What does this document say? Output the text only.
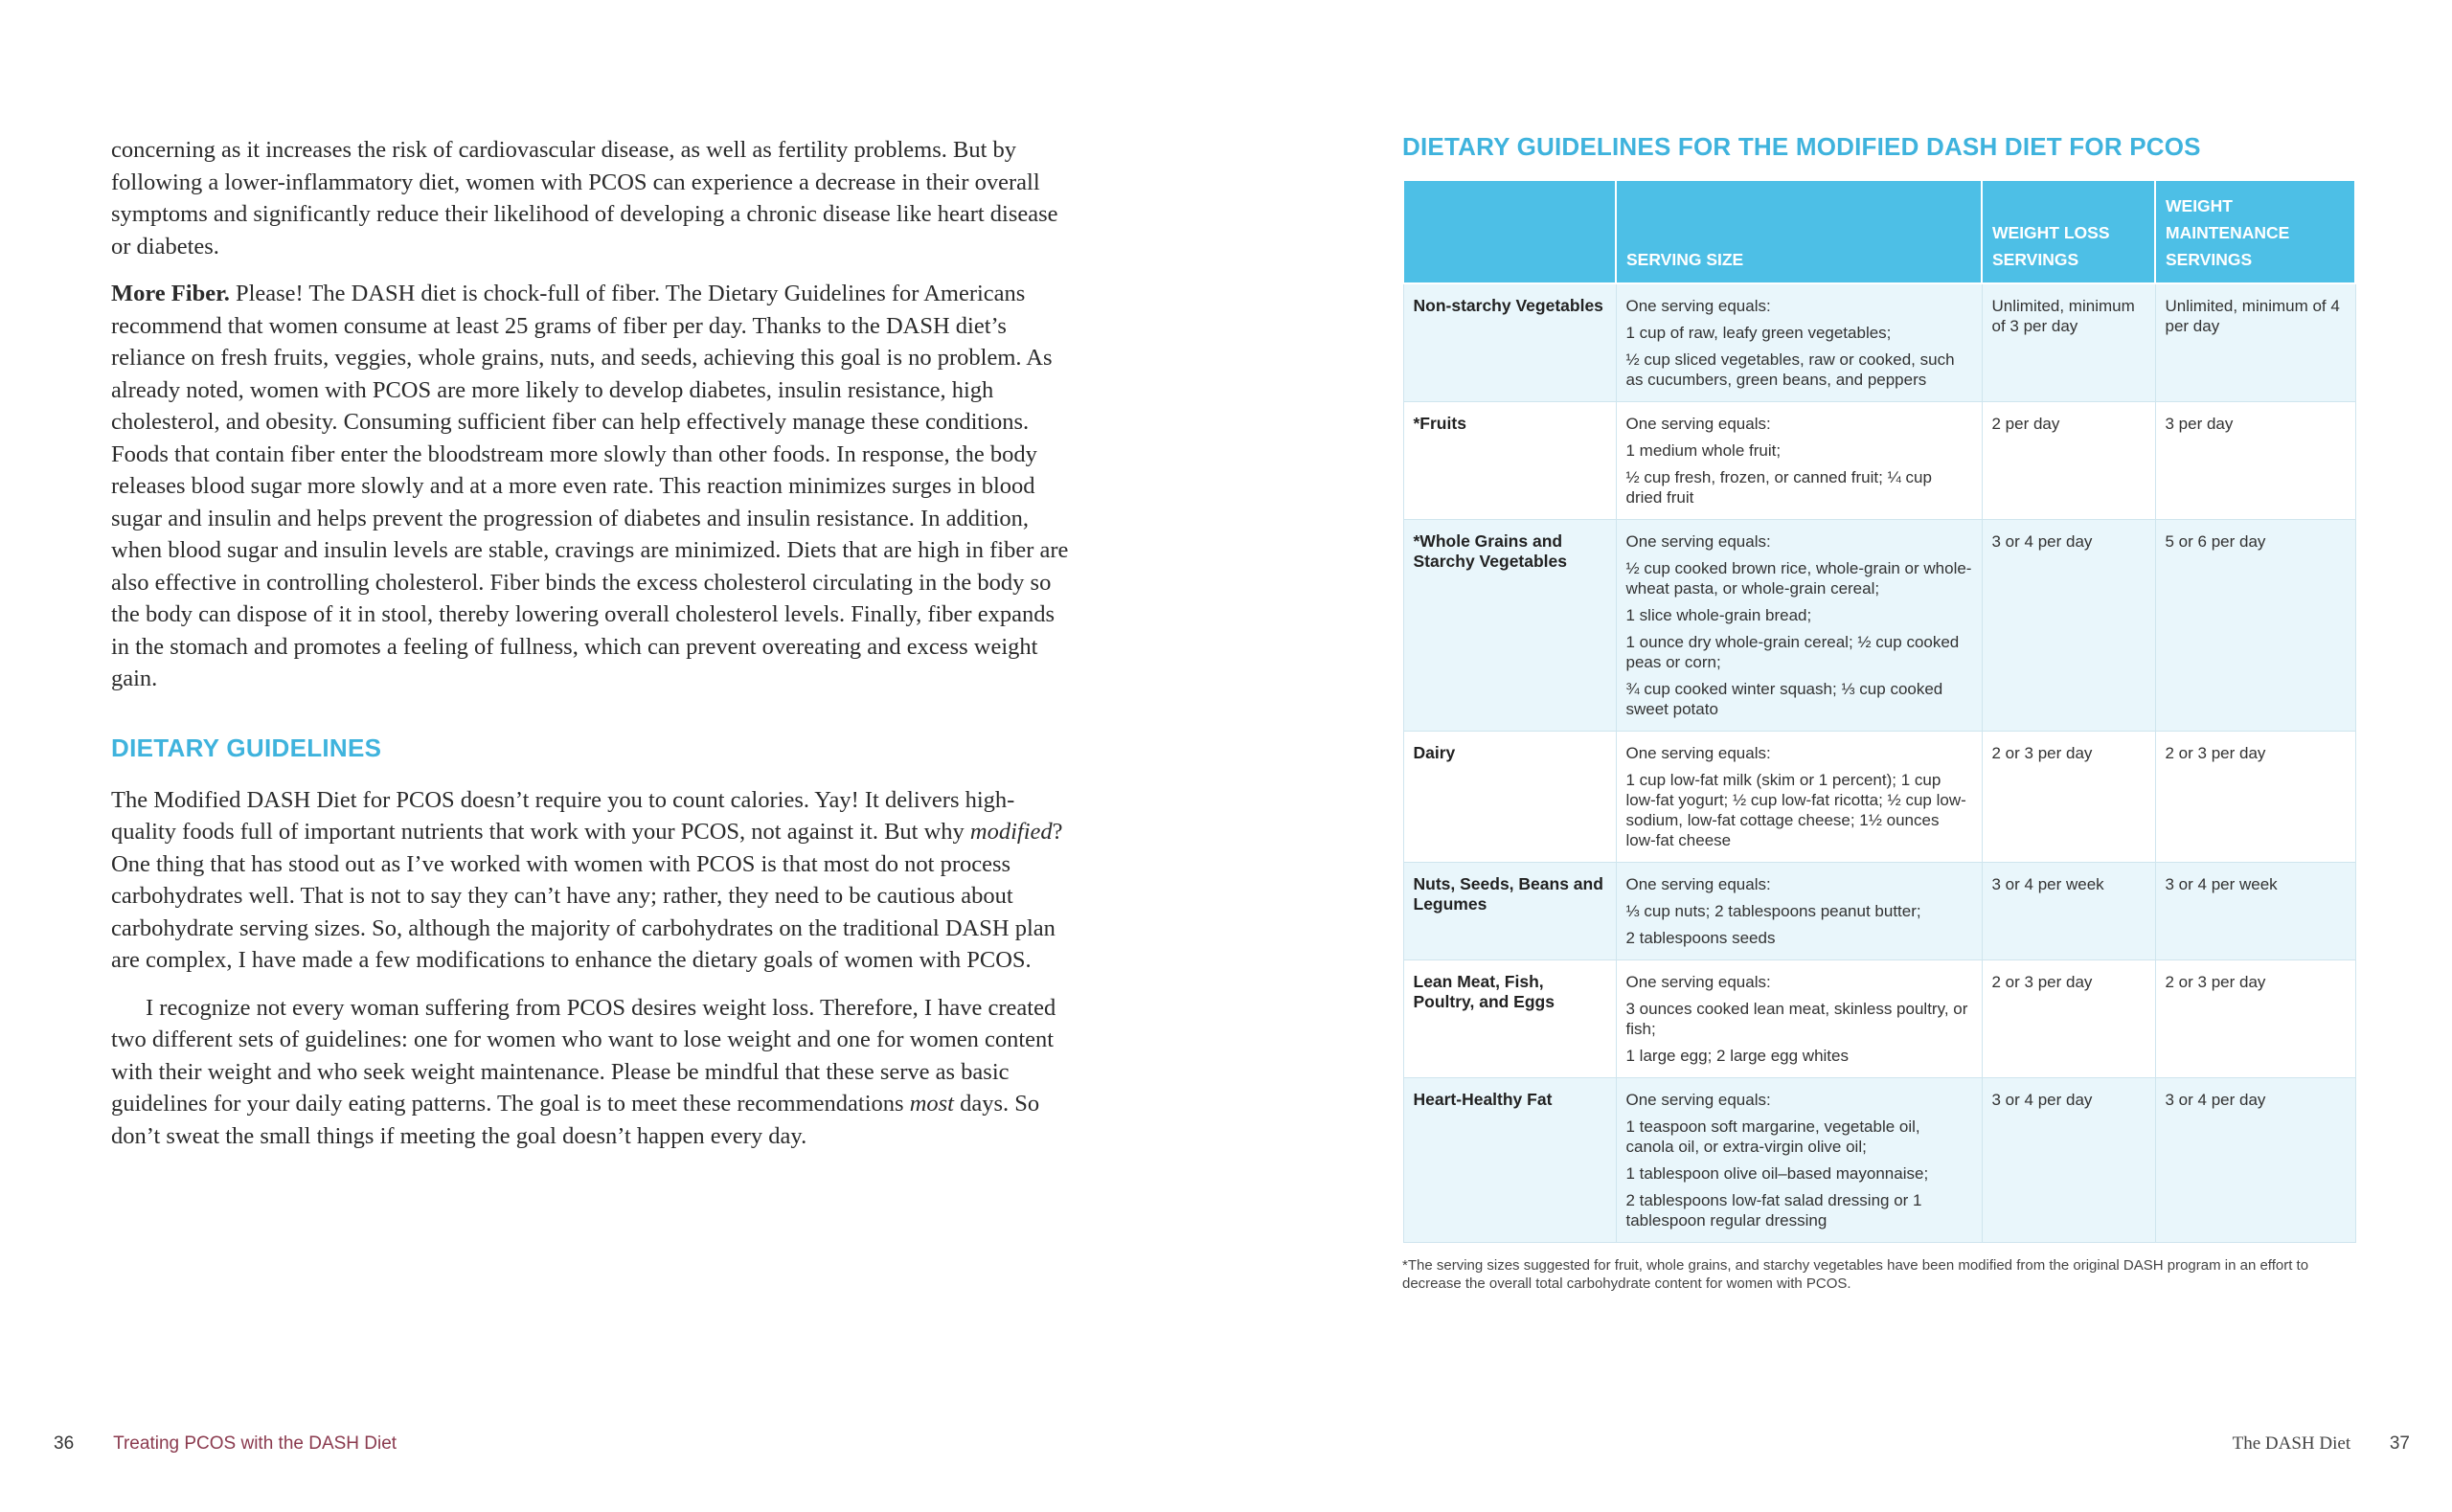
concerning as it increases the risk of cardiovascular disease, as well as fertility problems. But by following a lower-inflammatory diet, women with PCOS can experience a decrease in their overall symptoms and significantly reduce their likelihood of developing a chronic disease like heart disease or diabetes.

More Fiber. Please! The DASH diet is chock-full of fiber. The Dietary Guidelines for Americans recommend that women consume at least 25 grams of fiber per day. Thanks to the DASH diet’s reliance on fresh fruits, veggies, whole grains, nuts, and seeds, achieving this goal is no problem. As already noted, women with PCOS are more likely to develop diabetes, insulin resistance, high cholesterol, and obesity. Consuming sufficient fiber can help effectively manage these conditions. Foods that contain fiber enter the bloodstream more slowly than other foods. In response, the body releases blood sugar more slowly and at a more even rate. This reaction minimizes surges in blood sugar and insulin and helps prevent the progression of diabetes and insulin resistance. In addition, when blood sugar and insulin levels are stable, cravings are minimized. Diets that are high in fiber are also effective in controlling cholesterol. Fiber binds the excess cholesterol circulating in the body so the body can dispose of it in stool, thereby lowering overall cholesterol levels. Finally, fiber expands in the stomach and promotes a feeling of fullness, which can prevent overeating and excess weight gain.

DIETARY GUIDELINES

The Modified DASH Diet for PCOS doesn’t require you to count calories. Yay! It delivers high-quality foods full of important nutrients that work with your PCOS, not against it. But why modified? One thing that has stood out as I’ve worked with women with PCOS is that most do not process carbohydrates well. That is not to say they can’t have any; rather, they need to be cautious about carbohydrate serving sizes. So, although the majority of carbohydrates on the traditional DASH plan are complex, I have made a few modifications to enhance the dietary goals of women with PCOS.

I recognize not every woman suffering from PCOS desires weight loss. Therefore, I have created two different sets of guidelines: one for women who want to lose weight and one for women content with their weight and who seek weight maintenance. Please be mindful that these serve as basic guidelines for your daily eating patterns. The goal is to meet these recommendations most days. So don’t sweat the small things if meeting the goal doesn’t happen every day.

DIETARY GUIDELINES FOR THE MODIFIED DASH DIET FOR PCOS
	SERVING SIZE	WEIGHT LOSS SERVINGS	WEIGHT MAINTENANCE SERVINGS
Non-starchy Vegetables	One serving equals:
1 cup of raw, leafy green vegetables;
½ cup sliced vegetables, raw or cooked, such as cucumbers, green beans, and peppers	Unlimited, minimum of 3 per day	Unlimited, minimum of 4 per day
*Fruits	One serving equals:
1 medium whole fruit;
½ cup fresh, frozen, or canned fruit; ¼ cup dried fruit	2 per day	3 per day
*Whole Grains and Starchy Vegetables	One serving equals:
½ cup cooked brown rice, whole-grain or whole-wheat pasta, or whole-grain cereal;
1 slice whole-grain bread;
1 ounce dry whole-grain cereal; ½ cup cooked peas or corn;
¾ cup cooked winter squash; ⅓ cup cooked sweet potato	3 or 4 per day	5 or 6 per day
Dairy	One serving equals:
1 cup low-fat milk (skim or 1 percent); 1 cup low-fat yogurt; ½ cup low-fat ricotta; ½ cup low-sodium, low-fat cottage cheese; 1½ ounces low-fat cheese	2 or 3 per day	2 or 3 per day
Nuts, Seeds, Beans and Legumes	One serving equals:
⅓ cup nuts; 2 tablespoons peanut butter;
2 tablespoons seeds	3 or 4 per week	3 or 4 per week
Lean Meat, Fish, Poultry, and Eggs	One serving equals:
3 ounces cooked lean meat, skinless poultry, or fish;
1 large egg; 2 large egg whites	2 or 3 per day	2 or 3 per day
Heart-Healthy Fat	One serving equals:
1 teaspoon soft margarine, vegetable oil, canola oil, or extra-virgin olive oil;
1 tablespoon olive oil–based mayonnaise;
2 tablespoons low-fat salad dressing or 1 tablespoon regular dressing	3 or 4 per day	3 or 4 per day
*The serving sizes suggested for fruit, whole grains, and starchy vegetables have been modified from the original DASH program in an effort to decrease the overall total carbohydrate content for women with PCOS.
36 Treating PCOS with the DASH Diet	The DASH Diet 37
